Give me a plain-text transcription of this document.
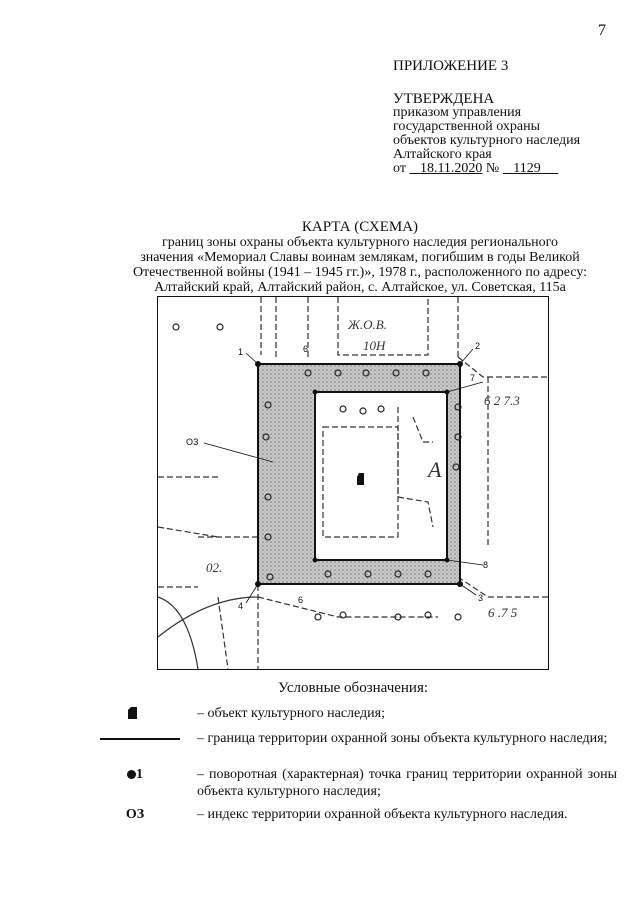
7
ПРИЛОЖЕНИЕ 3
УТВЕРЖДЕНА
приказом управления
государственной охраны
объектов культурного наследия
Алтайского края
от 18.11.2020 № 1129
КАРТА (СХЕМА)
границ зоны охраны объекта культурного наследия регионального
значения «Мемориал Славы воинам землякам, погибшим в годы Великой
Отечественной войны (1941 – 1945 гг.)», 1978 г., расположенного по адресу:
Алтайский край, Алтайский район, с. Алтайское, ул. Советская, 115а
1
2
3
4
6
6
7
8
ОЗ
Ж.О.В.
10Н
02.
А
6 2 7.3
6 .7 5
Условные обозначения:
– объект культурного наследия;
– граница территории охранной зоны объекта культурного наследия;
1	– поворотная (характерная) точка границ территории охранной зоны объекта культурного наследия;
ОЗ	– индекс территории охранной объекта культурного наследия.
